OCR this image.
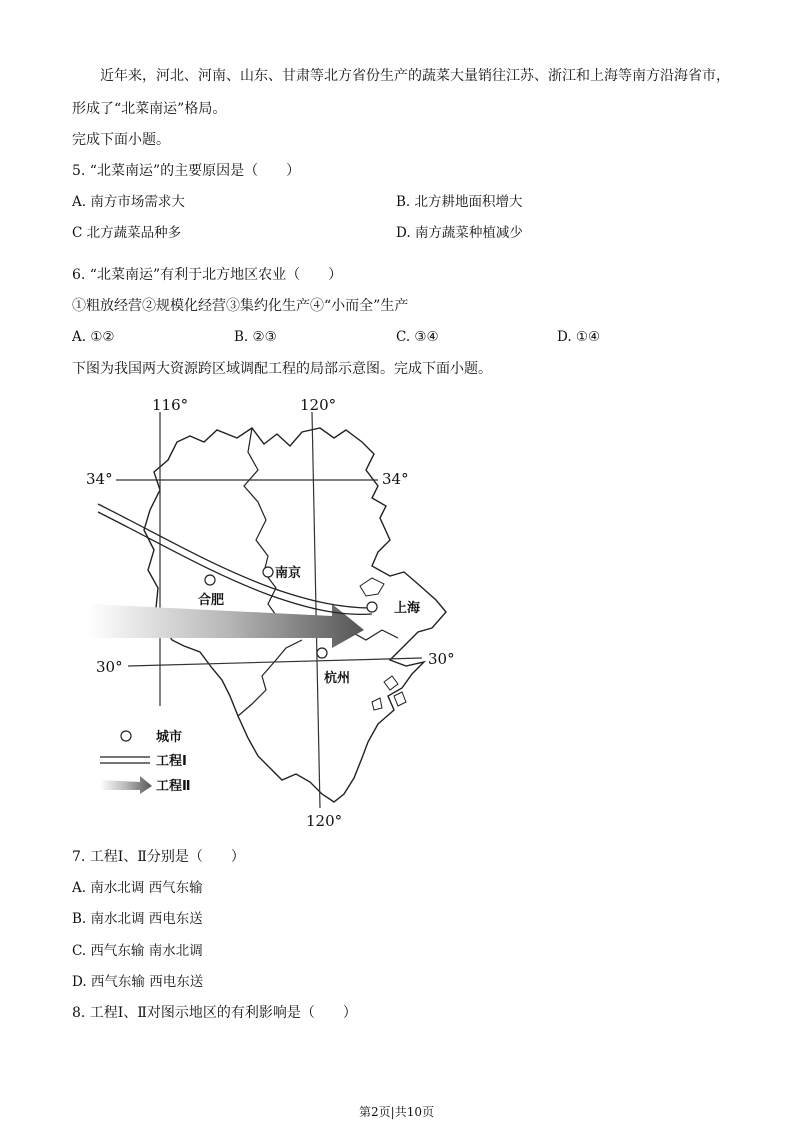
近年来，河北、河南、山东、甘肃等北方省份生产的蔬菜大量销往江苏、浙江和上海等南方沿海省市，
形成了“北菜南运”格局。
完成下面小题。
5. “北菜南运”的主要原因是（　　）
A. 南方市场需求大	B. 北方耕地面积增大
C 北方蔬菜品种多	D. 南方蔬菜种植减少
6. “北菜南运”有利于北方地区农业（　　）
①粗放经营②规模化经营③集约化生产④“小而全”生产
A. ①②	B. ②③	C. ③④	D. ①④
下图为我国两大资源跨区域调配工程的局部示意图。完成下面小题。
南京
合肥
上海
杭州
116°	120°
120°
34°	34°
30°	30°
城市
工程Ⅰ
工程Ⅱ
7. 工程Ⅰ、Ⅱ分别是（　　）
A. 南水北调 西气东输
B. 南水北调 西电东送
C. 西气东输 南水北调
D. 西气东输 西电东送
8. 工程Ⅰ、Ⅱ对图示地区的有利影响是（　　）
第2页|共10页
